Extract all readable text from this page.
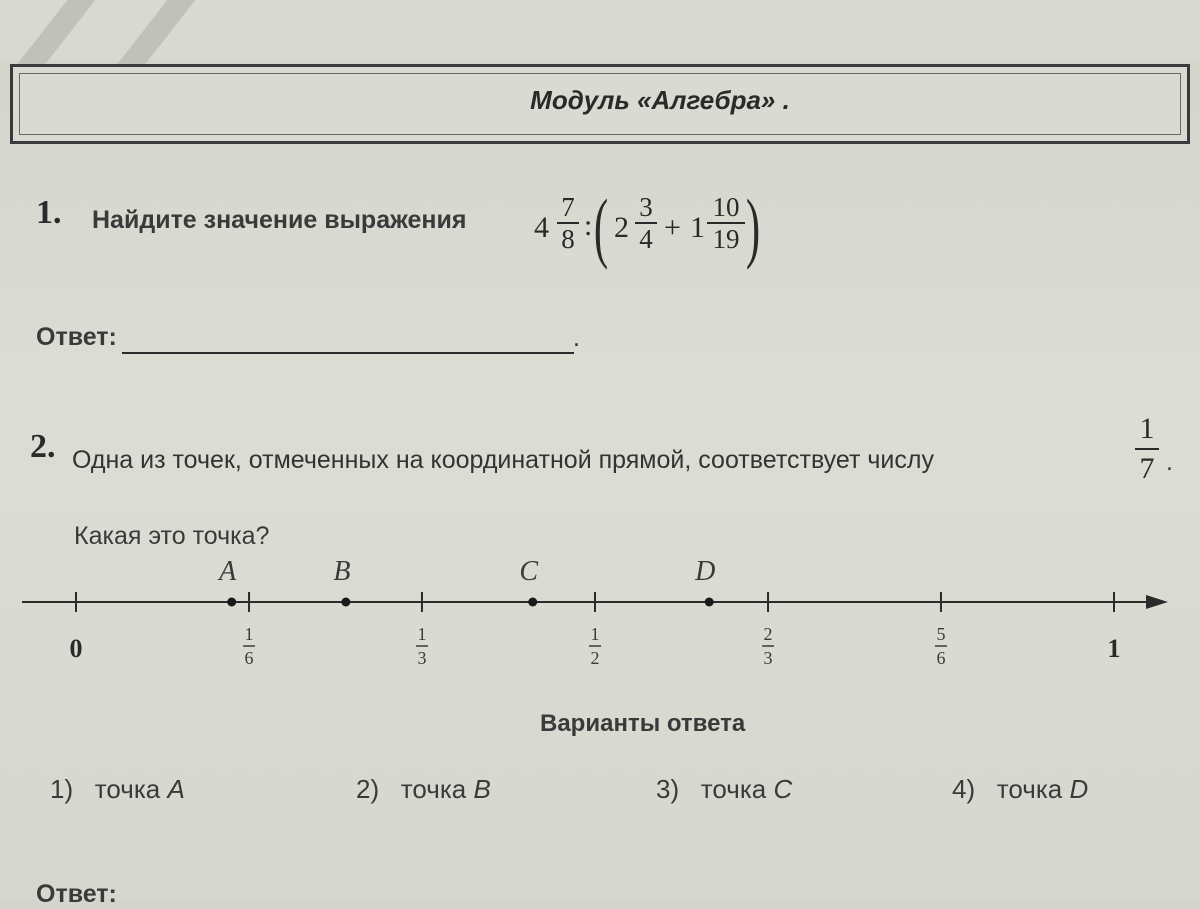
Модуль «Алгебра» .
1. Найдите значение выражения 4
7
8 : ( 2
3
4 + 1
10
19 )
Ответ:	.
2. Одна из точек, отмеченных на координатной прямой, соответствует числу
1
7 .
Какая это точка?
0	1
6
1
3
1
2
2
3
5
6	1
A	B	C	D
Варианты ответа
1) точка A	2) точка B	3) точка C	4) точка D
Ответ:
